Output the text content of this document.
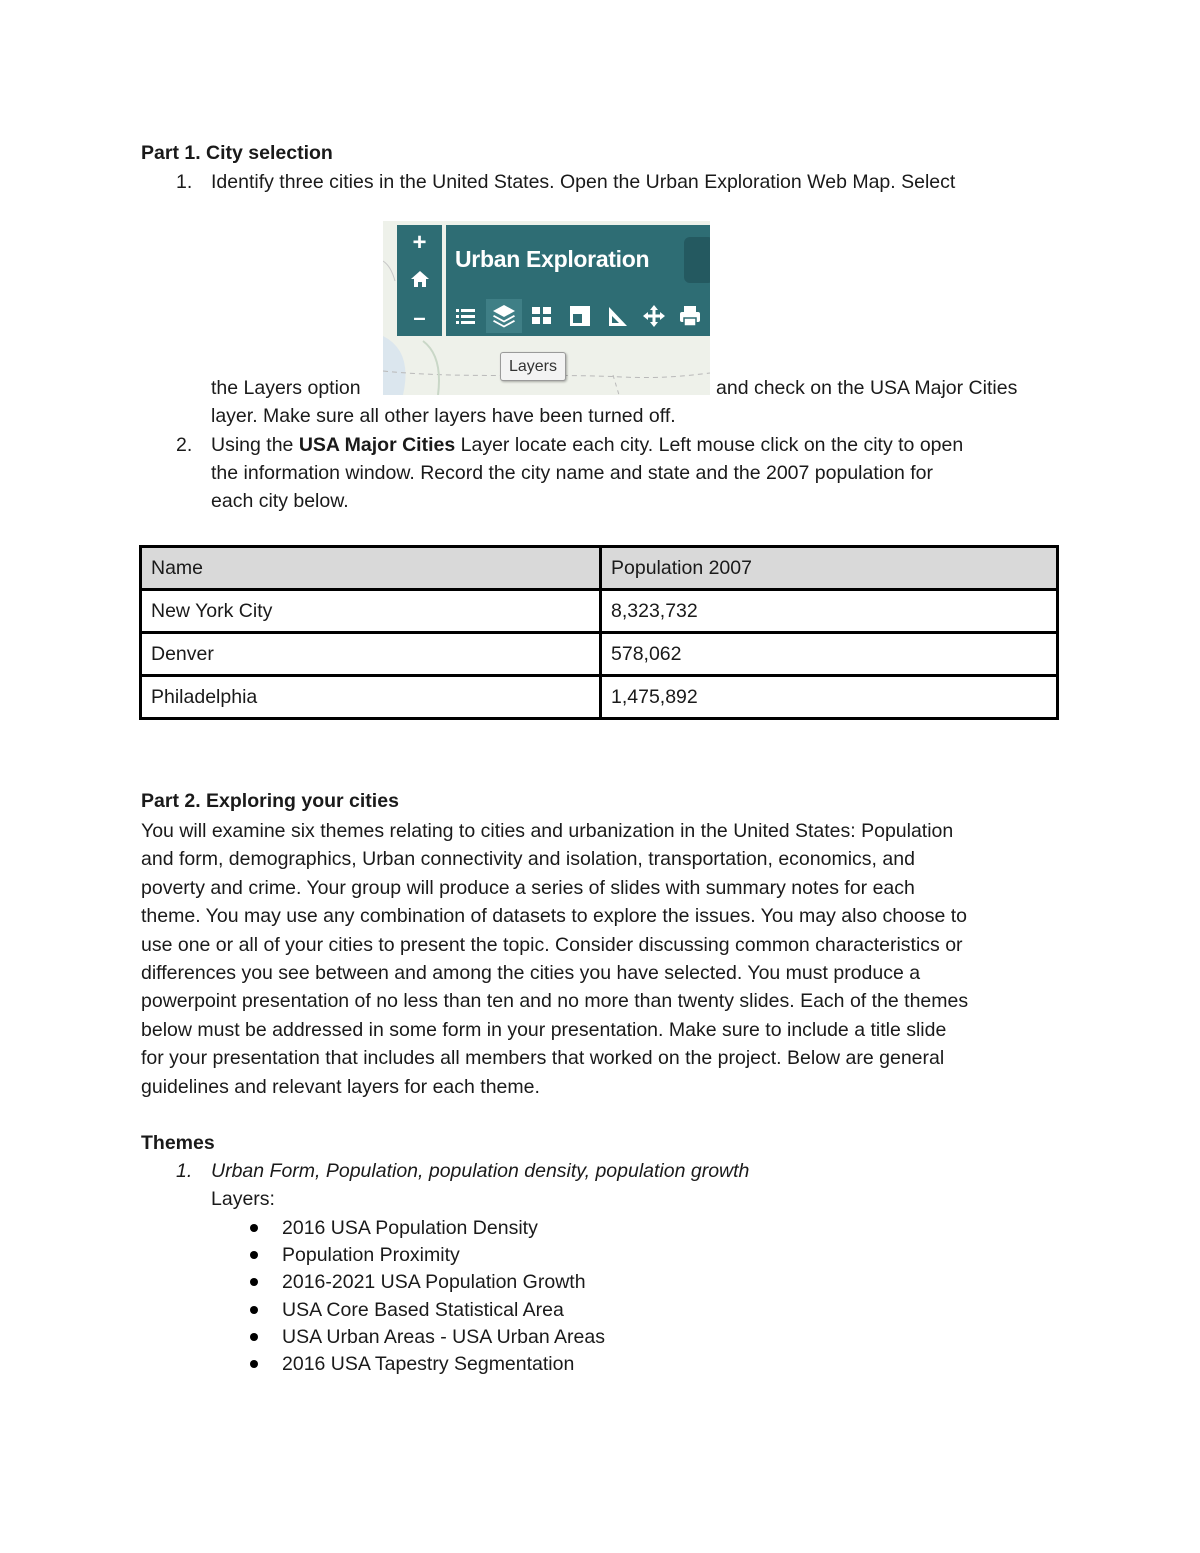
Part 1. City selection
1. Identify three cities in the United States. Open the Urban Exploration Web Map. Select
+
–
Urban Exploration
Layers
the Layers option	and check on the USA Major Cities
layer. Make sure all other layers have been turned off.
2. Using the USA Major Cities Layer locate each city. Left mouse click on the city to open
the information window. Record the city name and state and the 2007 population for
each city below.
Name	Population 2007
New York City	8,323,732
Denver	578,062
Philadelphia	1,475,892
Part 2. Exploring your cities
You will examine six themes relating to cities and urbanization in the United States: Population
and form, demographics, Urban connectivity and isolation, transportation, economics, and
poverty and crime. Your group will produce a series of slides with summary notes for each
theme. You may use any combination of datasets to explore the issues. You may also choose to
use one or all of your cities to present the topic. Consider discussing common characteristics or
differences you see between and among the cities you have selected. You must produce a
powerpoint presentation of no less than ten and no more than twenty slides. Each of the themes
below must be addressed in some form in your presentation. Make sure to include a title slide
for your presentation that includes all members that worked on the project. Below are general
guidelines and relevant layers for each theme.
Themes
1. Urban Form, Population, population density, population growth
Layers:
2016 USA Population Density
Population Proximity
2016-2021 USA Population Growth
USA Core Based Statistical Area
USA Urban Areas - USA Urban Areas
2016 USA Tapestry Segmentation
